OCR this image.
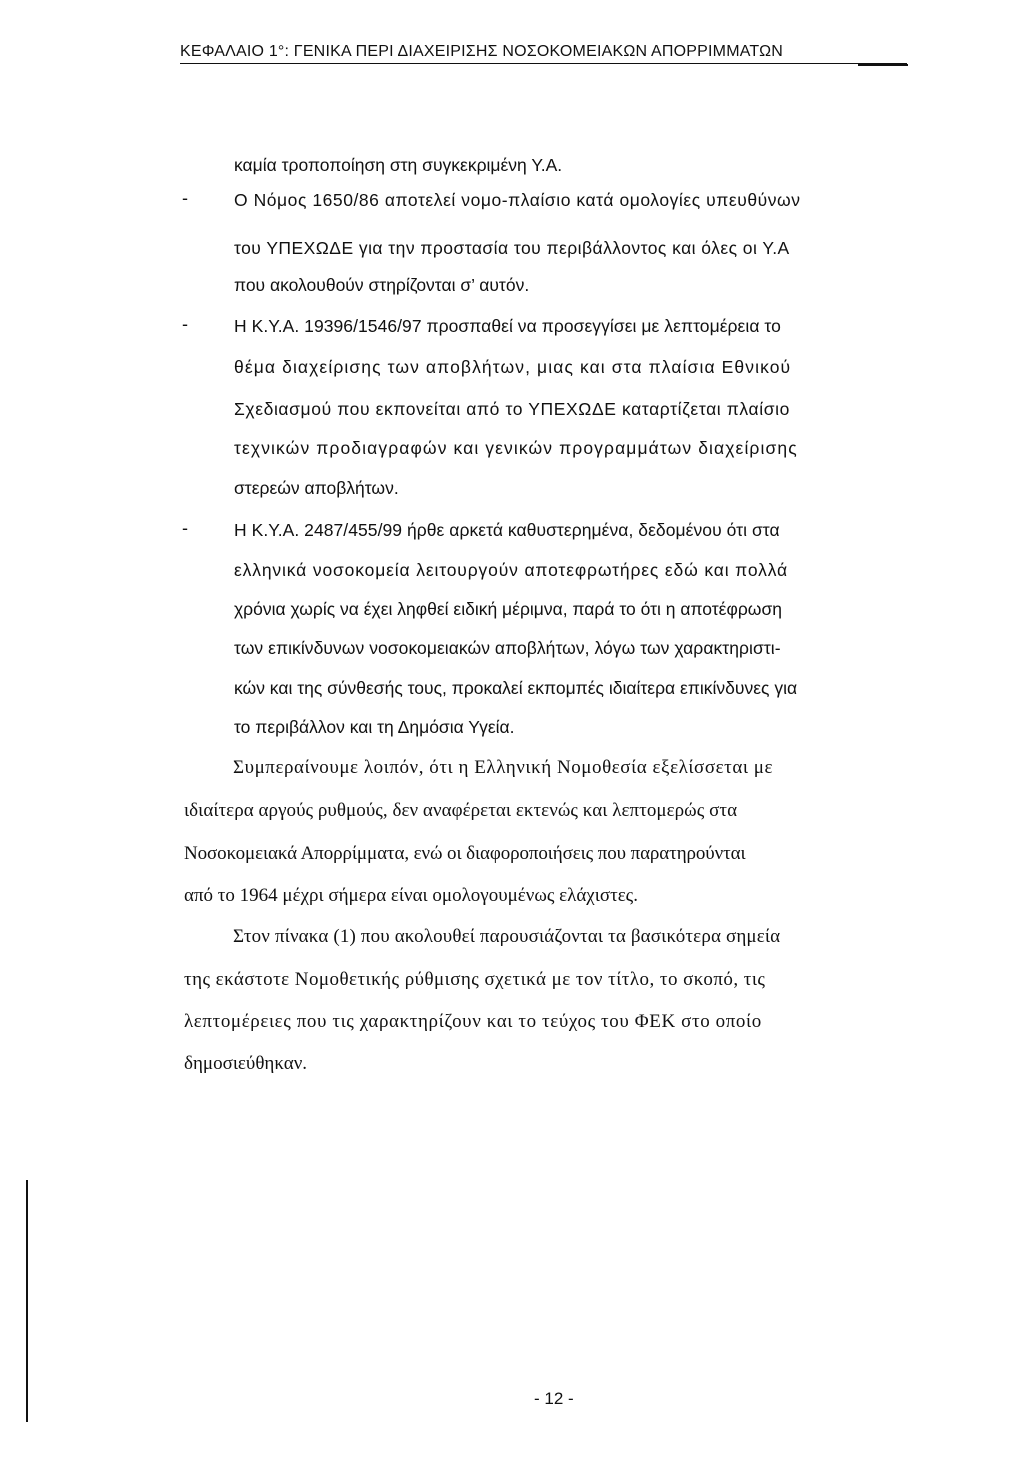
ΚΕΦΑΛΑΙΟ 1°: ΓΕΝΙΚΑ ΠΕΡΙ ΔΙΑΧΕΙΡΙΣΗΣ ΝΟΣΟΚΟΜΕΙΑΚΩΝ ΑΠΟΡΡΙΜΜΑΤΩΝ
καμία τροποποίηση στη συγκεκριμένη Υ.Α.
-	Ο Νόμος 1650/86 αποτελεί νομο-πλαίσιο κατά ομολογίες υπευθύνων
του ΥΠΕΧΩΔΕ για την προστασία του περιβάλλοντος και όλες οι Υ.Α
που ακολουθούν στηρίζονται σ’ αυτόν.
-	Η Κ.Υ.Α. 19396/1546/97 προσπαθεί να προσεγγίσει με λεπτομέρεια το
θέμα διαχείρισης των αποβλήτων, μιας και στα πλαίσια Εθνικού
Σχεδιασμού που εκπονείται από το ΥΠΕΧΩΔΕ καταρτίζεται πλαίσιο
τεχνικών προδιαγραφών και γενικών προγραμμάτων διαχείρισης
στερεών αποβλήτων.
-	Η Κ.Υ.Α. 2487/455/99 ήρθε αρκετά καθυστερημένα, δεδομένου ότι στα
ελληνικά νοσοκομεία λειτουργούν αποτεφρωτήρες εδώ και πολλά
χρόνια χωρίς να έχει ληφθεί ειδική μέριμνα, παρά το ότι η αποτέφρωση
των επικίνδυνων νοσοκομειακών αποβλήτων, λόγω των χαρακτηριστι-
κών και της σύνθεσής τους, προκαλεί εκπομπές ιδιαίτερα επικίνδυνες για
το περιβάλλον και τη Δημόσια Υγεία.
Συμπεραίνουμε λοιπόν, ότι η Ελληνική Νομοθεσία εξελίσσεται με
ιδιαίτερα αργούς ρυθμούς, δεν αναφέρεται εκτενώς και λεπτομερώς στα
Νοσοκομειακά Απορρίμματα, ενώ οι διαφοροποιήσεις που παρατηρούνται
από το 1964 μέχρι σήμερα είναι ομολογουμένως ελάχιστες.
Στον πίνακα (1) που ακολουθεί παρουσιάζονται τα βασικότερα σημεία
της εκάστοτε Νομοθετικής ρύθμισης σχετικά με τον τίτλο, το σκοπό, τις
λεπτομέρειες που τις χαρακτηρίζουν και το τεύχος του ΦΕΚ στο οποίο
δημοσιεύθηκαν.
- 12 -
